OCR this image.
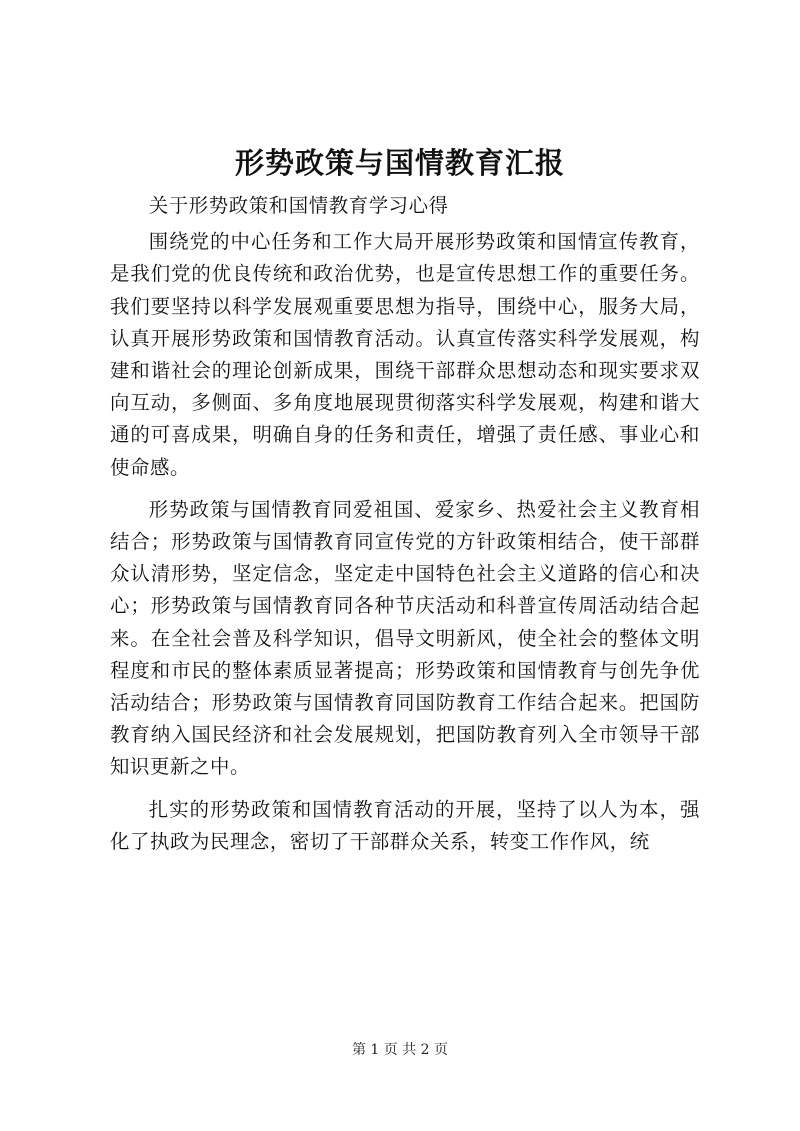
形势政策与国情教育汇报

关于形势政策和国情教育学习心得

围绕党的中心任务和工作大局开展形势政策和国情宣传教育，是我们党的优良传统和政治优势，也是宣传思想工作的重要任务。我们要坚持以科学发展观重要思想为指导，围绕中心，服务大局，认真开展形势政策和国情教育活动。认真宣传落实科学发展观，构建和谐社会的理论创新成果，围绕干部群众思想动态和现实要求双向互动，多侧面、多角度地展现贯彻落实科学发展观，构建和谐大通的可喜成果，明确自身的任务和责任，增强了责任感、事业心和使命感。

形势政策与国情教育同爱祖国、爱家乡、热爱社会主义教育相结合；形势政策与国情教育同宣传党的方针政策相结合，使干部群众认清形势，坚定信念，坚定走中国特色社会主义道路的信心和决心；形势政策与国情教育同各种节庆活动和科普宣传周活动结合起来。在全社会普及科学知识，倡导文明新风，使全社会的整体文明程度和市民的整体素质显著提高；形势政策和国情教育与创先争优活动结合；形势政策与国情教育同国防教育工作结合起来。把国防教育纳入国民经济和社会发展规划，把国防教育列入全市领导干部知识更新之中。

扎实的形势政策和国情教育活动的开展，坚持了以人为本，强化了执政为民理念，密切了干部群众关系，转变工作作风，统

第 1 页 共 2 页
